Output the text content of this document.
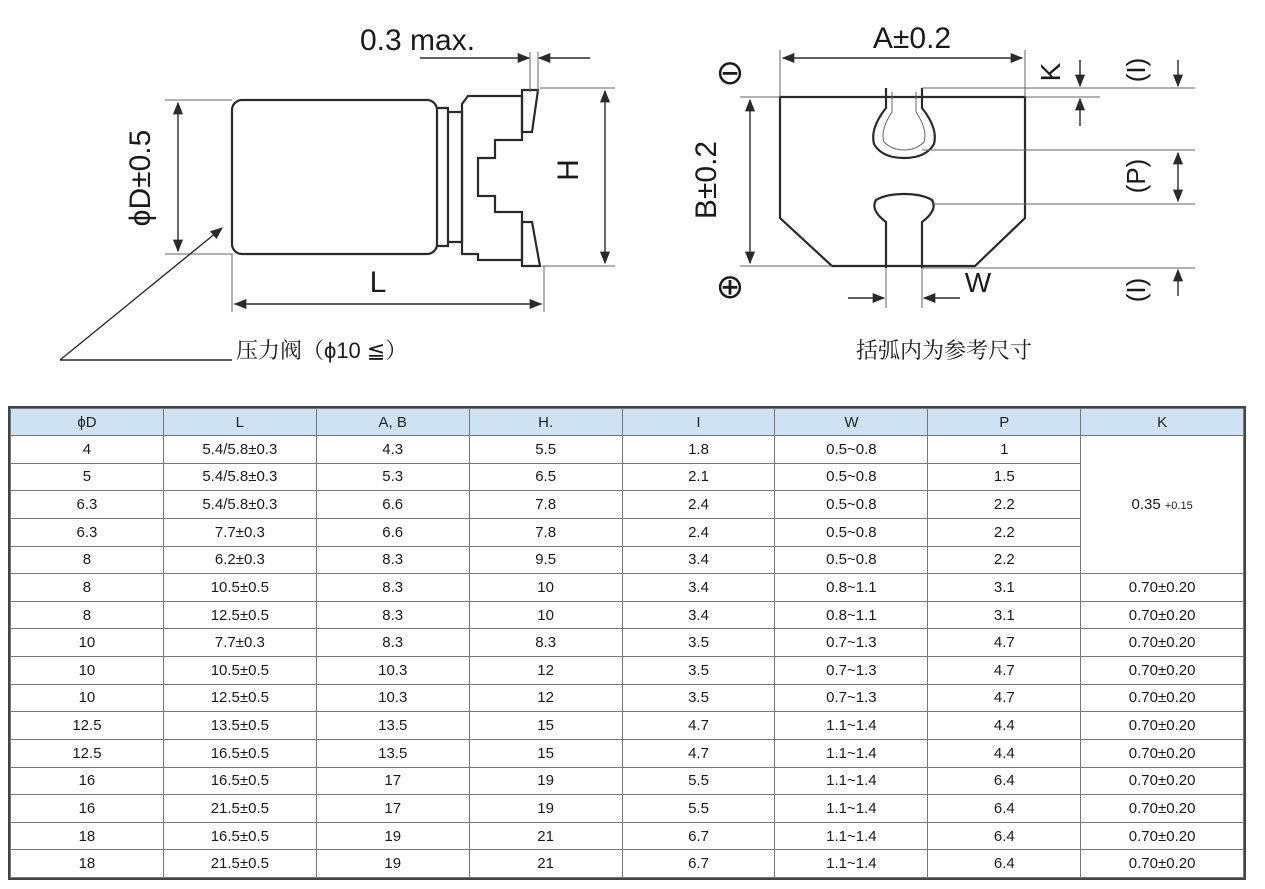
0.3 max.
ϕD±0.5	H
L
压力阀（ϕ10 ≦）
⊖
⊕
A±0.2
B±0.2
K (I)
(P)
(I)
W
括弧内为参考尺寸
ϕD	L	A, B	H.	I	W	P	K
4	5.4/5.8±0.3	4.3	5.5	1.8	0.5~0.8	1	0.35 +0.15
5	5.4/5.8±0.3	5.3	6.5	2.1	0.5~0.8	1.5	
6.3	5.4/5.8±0.3	6.6	7.8	2.4	0.5~0.8	2.2	
6.3	7.7±0.3	6.6	7.8	2.4	0.5~0.8	2.2	
8	6.2±0.3	8.3	9.5	3.4	0.5~0.8	2.2	
8	10.5±0.5	8.3	10	3.4	0.8~1.1	3.1	0.70±0.20
8	12.5±0.5	8.3	10	3.4	0.8~1.1	3.1	0.70±0.20
10	7.7±0.3	8.3	8.3	3.5	0.7~1.3	4.7	0.70±0.20
10	10.5±0.5	10.3	12	3.5	0.7~1.3	4.7	0.70±0.20
10	12.5±0.5	10.3	12	3.5	0.7~1.3	4.7	0.70±0.20
12.5	13.5±0.5	13.5	15	4.7	1.1~1.4	4.4	0.70±0.20
12.5	16.5±0.5	13.5	15	4.7	1.1~1.4	4.4	0.70±0.20
16	16.5±0.5	17	19	5.5	1.1~1.4	6.4	0.70±0.20
16	21.5±0.5	17	19	5.5	1.1~1.4	6.4	0.70±0.20
18	16.5±0.5	19	21	6.7	1.1~1.4	6.4	0.70±0.20
18	21.5±0.5	19	21	6.7	1.1~1.4	6.4	0.70±0.20
